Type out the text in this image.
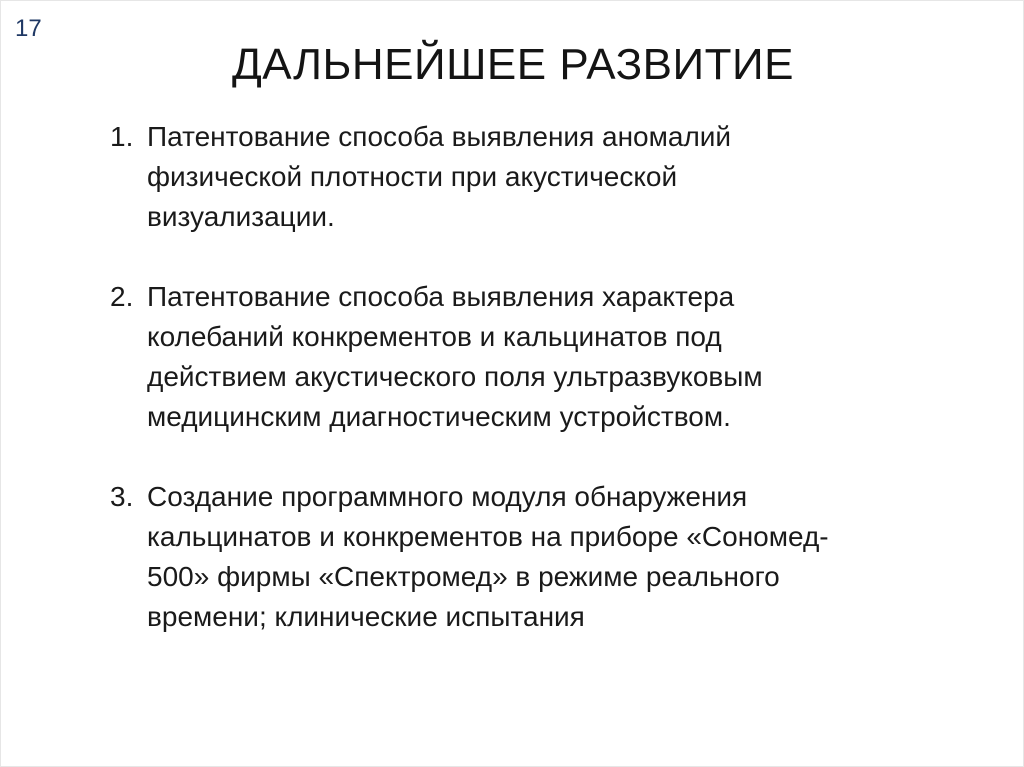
17
ДАЛЬНЕЙШЕЕ РАЗВИТИЕ
1. Патентование способа выявления аномалий
физической плотности при акустической
визуализации.
2. Патентование способа выявления характера
колебаний конкрементов и кальцинатов под
действием акустического поля ультразвуковым
медицинским диагностическим устройством.
3. Создание программного модуля обнаружения
кальцинатов и конкрементов на приборе «Сономед-
500» фирмы «Спектромед» в режиме реального
времени; клинические испытания
